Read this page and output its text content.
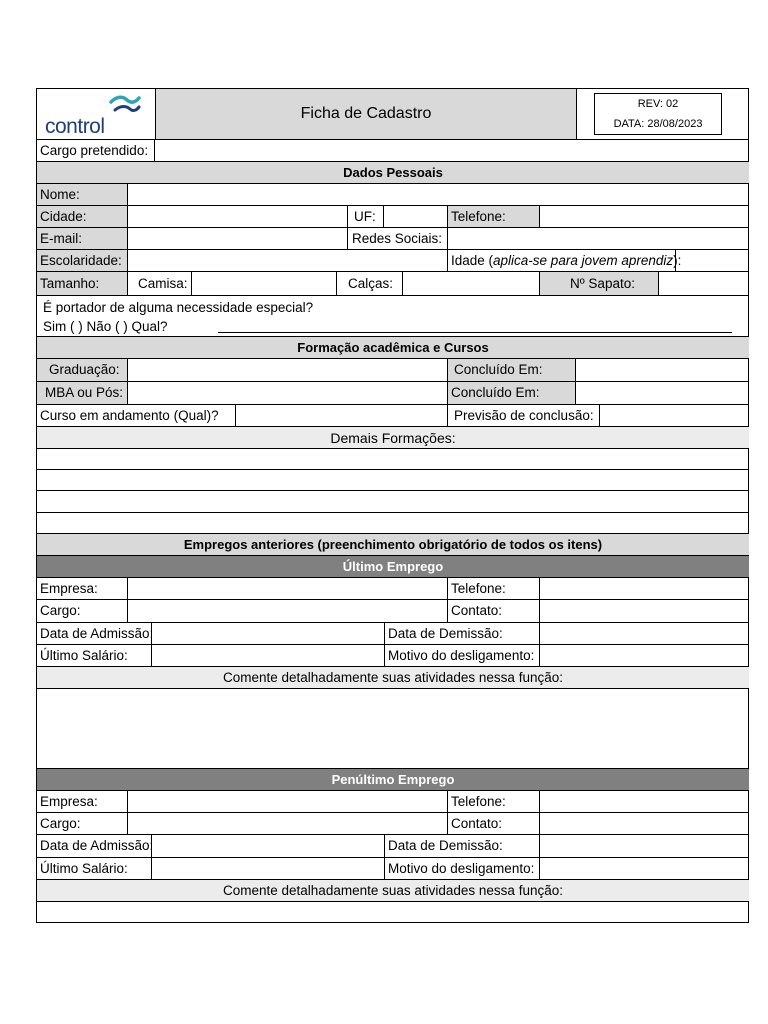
control
Ficha de Cadastro
REV: 02
DATA: 28/08/2023
Cargo pretendido:
Dados Pessoais
Nome:
Cidade:	UF:	Telefone:
E-mail:	Redes Sociais:
Escolaridade:	Idade ( aplica-se para jovem aprendiz ):
Tamanho:	Camisa:	Calças:	Nº Sapato:
É portador de alguma necessidade especial?
Sim ( ) Não ( ) Qual?
Formação acadêmica e Cursos
Graduação:	Concluído Em:
MBA ou Pós:	Concluído Em:
Curso em andamento (Qual)?	Previsão de conclusão:
Demais Formações:
Empregos anteriores (preenchimento obrigatório de todos os itens)
Último Emprego
Empresa:	Telefone:
Cargo:	Contato:
Data de Admissão:	Data de Demissão:
Último Salário:	Motivo do desligamento:
Comente detalhadamente suas atividades nessa função:
Penúltimo Emprego
Empresa:	Telefone:
Cargo:	Contato:
Data de Admissão:	Data de Demissão:
Último Salário:	Motivo do desligamento:
Comente detalhadamente suas atividades nessa função:
